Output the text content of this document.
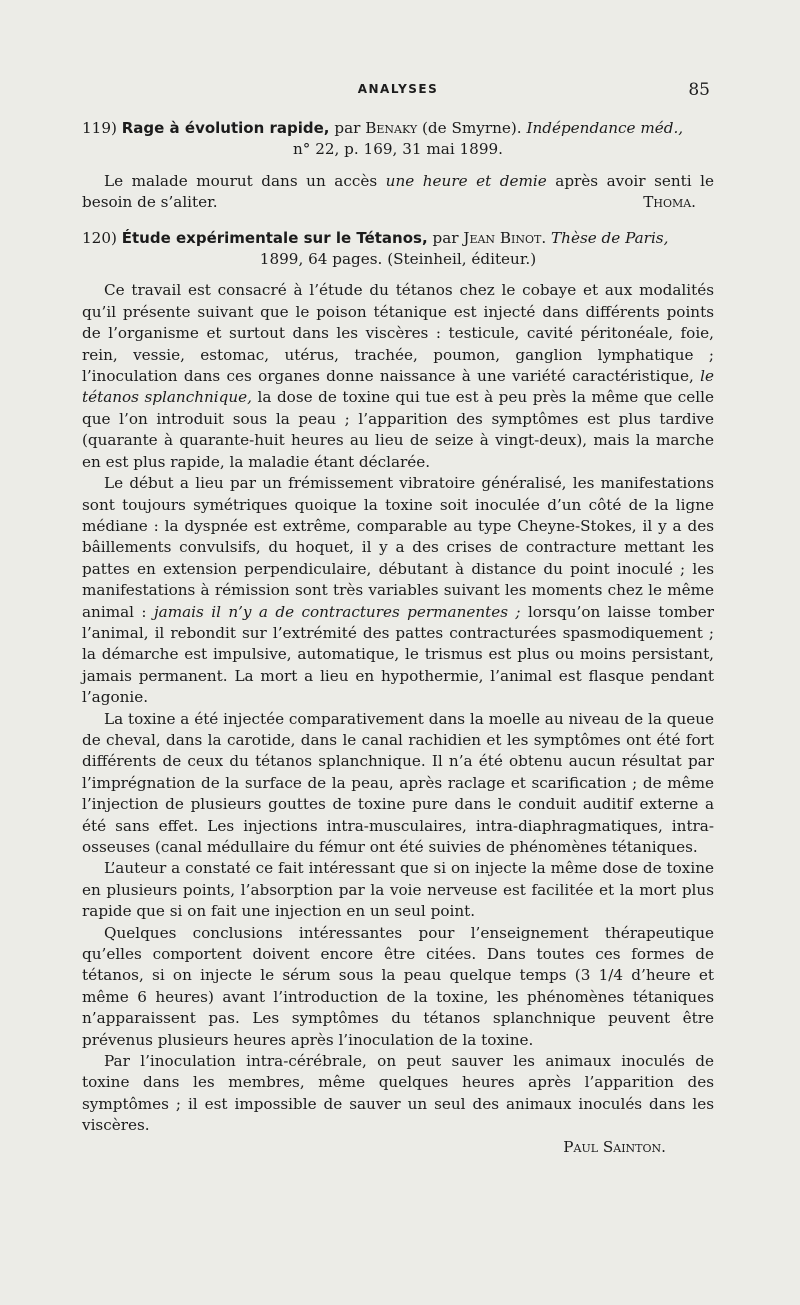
ANALYSES	85
119) Rage à évolution rapide, par Benaky (de Smyrne). Indépendance méd.,
n° 22, p. 169, 31 mai 1899.

Le malade mourut dans un accès une heure et demie après avoir senti le besoin de s’aliter.	Thoma.

120) Étude expérimentale sur le Tétanos, par Jean Binot. Thèse de Paris,
1899, 64 pages. (Steinheil, éditeur.)

Ce travail est consacré à l’étude du tétanos chez le cobaye et aux modalités qu’il présente suivant que le poison tétanique est injecté dans différents points de l’organisme et surtout dans les viscères : testicule, cavité péritonéale, foie, rein, vessie, estomac, utérus, trachée, poumon, ganglion lymphatique ; l’inoculation dans ces organes donne naissance à une variété caractéristique, le tétanos splanchnique, la dose de toxine qui tue est à peu près la même que celle que l’on introduit sous la peau ; l’apparition des symptômes est plus tardive (quarante à quarante-huit heures au lieu de seize à vingt-deux), mais la marche en est plus rapide, la maladie étant déclarée.

Le début a lieu par un frémissement vibratoire généralisé, les manifestations sont toujours symétriques quoique la toxine soit inoculée d’un côté de la ligne médiane : la dyspnée est extrême, comparable au type Cheyne-Stokes, il y a des bâillements convulsifs, du hoquet, il y a des crises de contracture mettant les pattes en extension perpendiculaire, débutant à distance du point inoculé ; les manifestations à rémission sont très variables suivant les moments chez le même animal : jamais il n’y a de contractures permanentes ; lorsqu’on laisse tomber l’animal, il rebondit sur l’extrémité des pattes contracturées spasmodiquement ; la démarche est impulsive, automatique, le trismus est plus ou moins persistant, jamais permanent. La mort a lieu en hypothermie, l’animal est flasque pendant l’agonie.

La toxine a été injectée comparativement dans la moelle au niveau de la queue de cheval, dans la carotide, dans le canal rachidien et les symptômes ont été fort différents de ceux du tétanos splanchnique. Il n’a été obtenu aucun résultat par l’imprégnation de la surface de la peau, après raclage et scarification ; de même l’injection de plusieurs gouttes de toxine pure dans le conduit auditif externe a été sans effet. Les injections intra-musculaires, intra-diaphragmatiques, intra-osseuses (canal médullaire du fémur ont été suivies de phénomènes tétaniques.

L’auteur a constaté ce fait intéressant que si on injecte la même dose de toxine en plusieurs points, l’absorption par la voie nerveuse est facilitée et la mort plus rapide que si on fait une injection en un seul point.

Quelques conclusions intéressantes pour l’enseignement thérapeutique qu’elles comportent doivent encore être citées. Dans toutes ces formes de tétanos, si on injecte le sérum sous la peau quelque temps (3 1/4 d’heure et même 6 heures) avant l’introduction de la toxine, les phénomènes tétaniques n’apparaissent pas. Les symptômes du tétanos splanchnique peuvent être prévenus plusieurs heures après l’inoculation de la toxine.

Par l’inoculation intra-cérébrale, on peut sauver les animaux inoculés de toxine dans les membres, même quelques heures après l’apparition des symptômes ; il est impossible de sauver un seul des animaux inoculés dans les viscères.

Paul Sainton.
